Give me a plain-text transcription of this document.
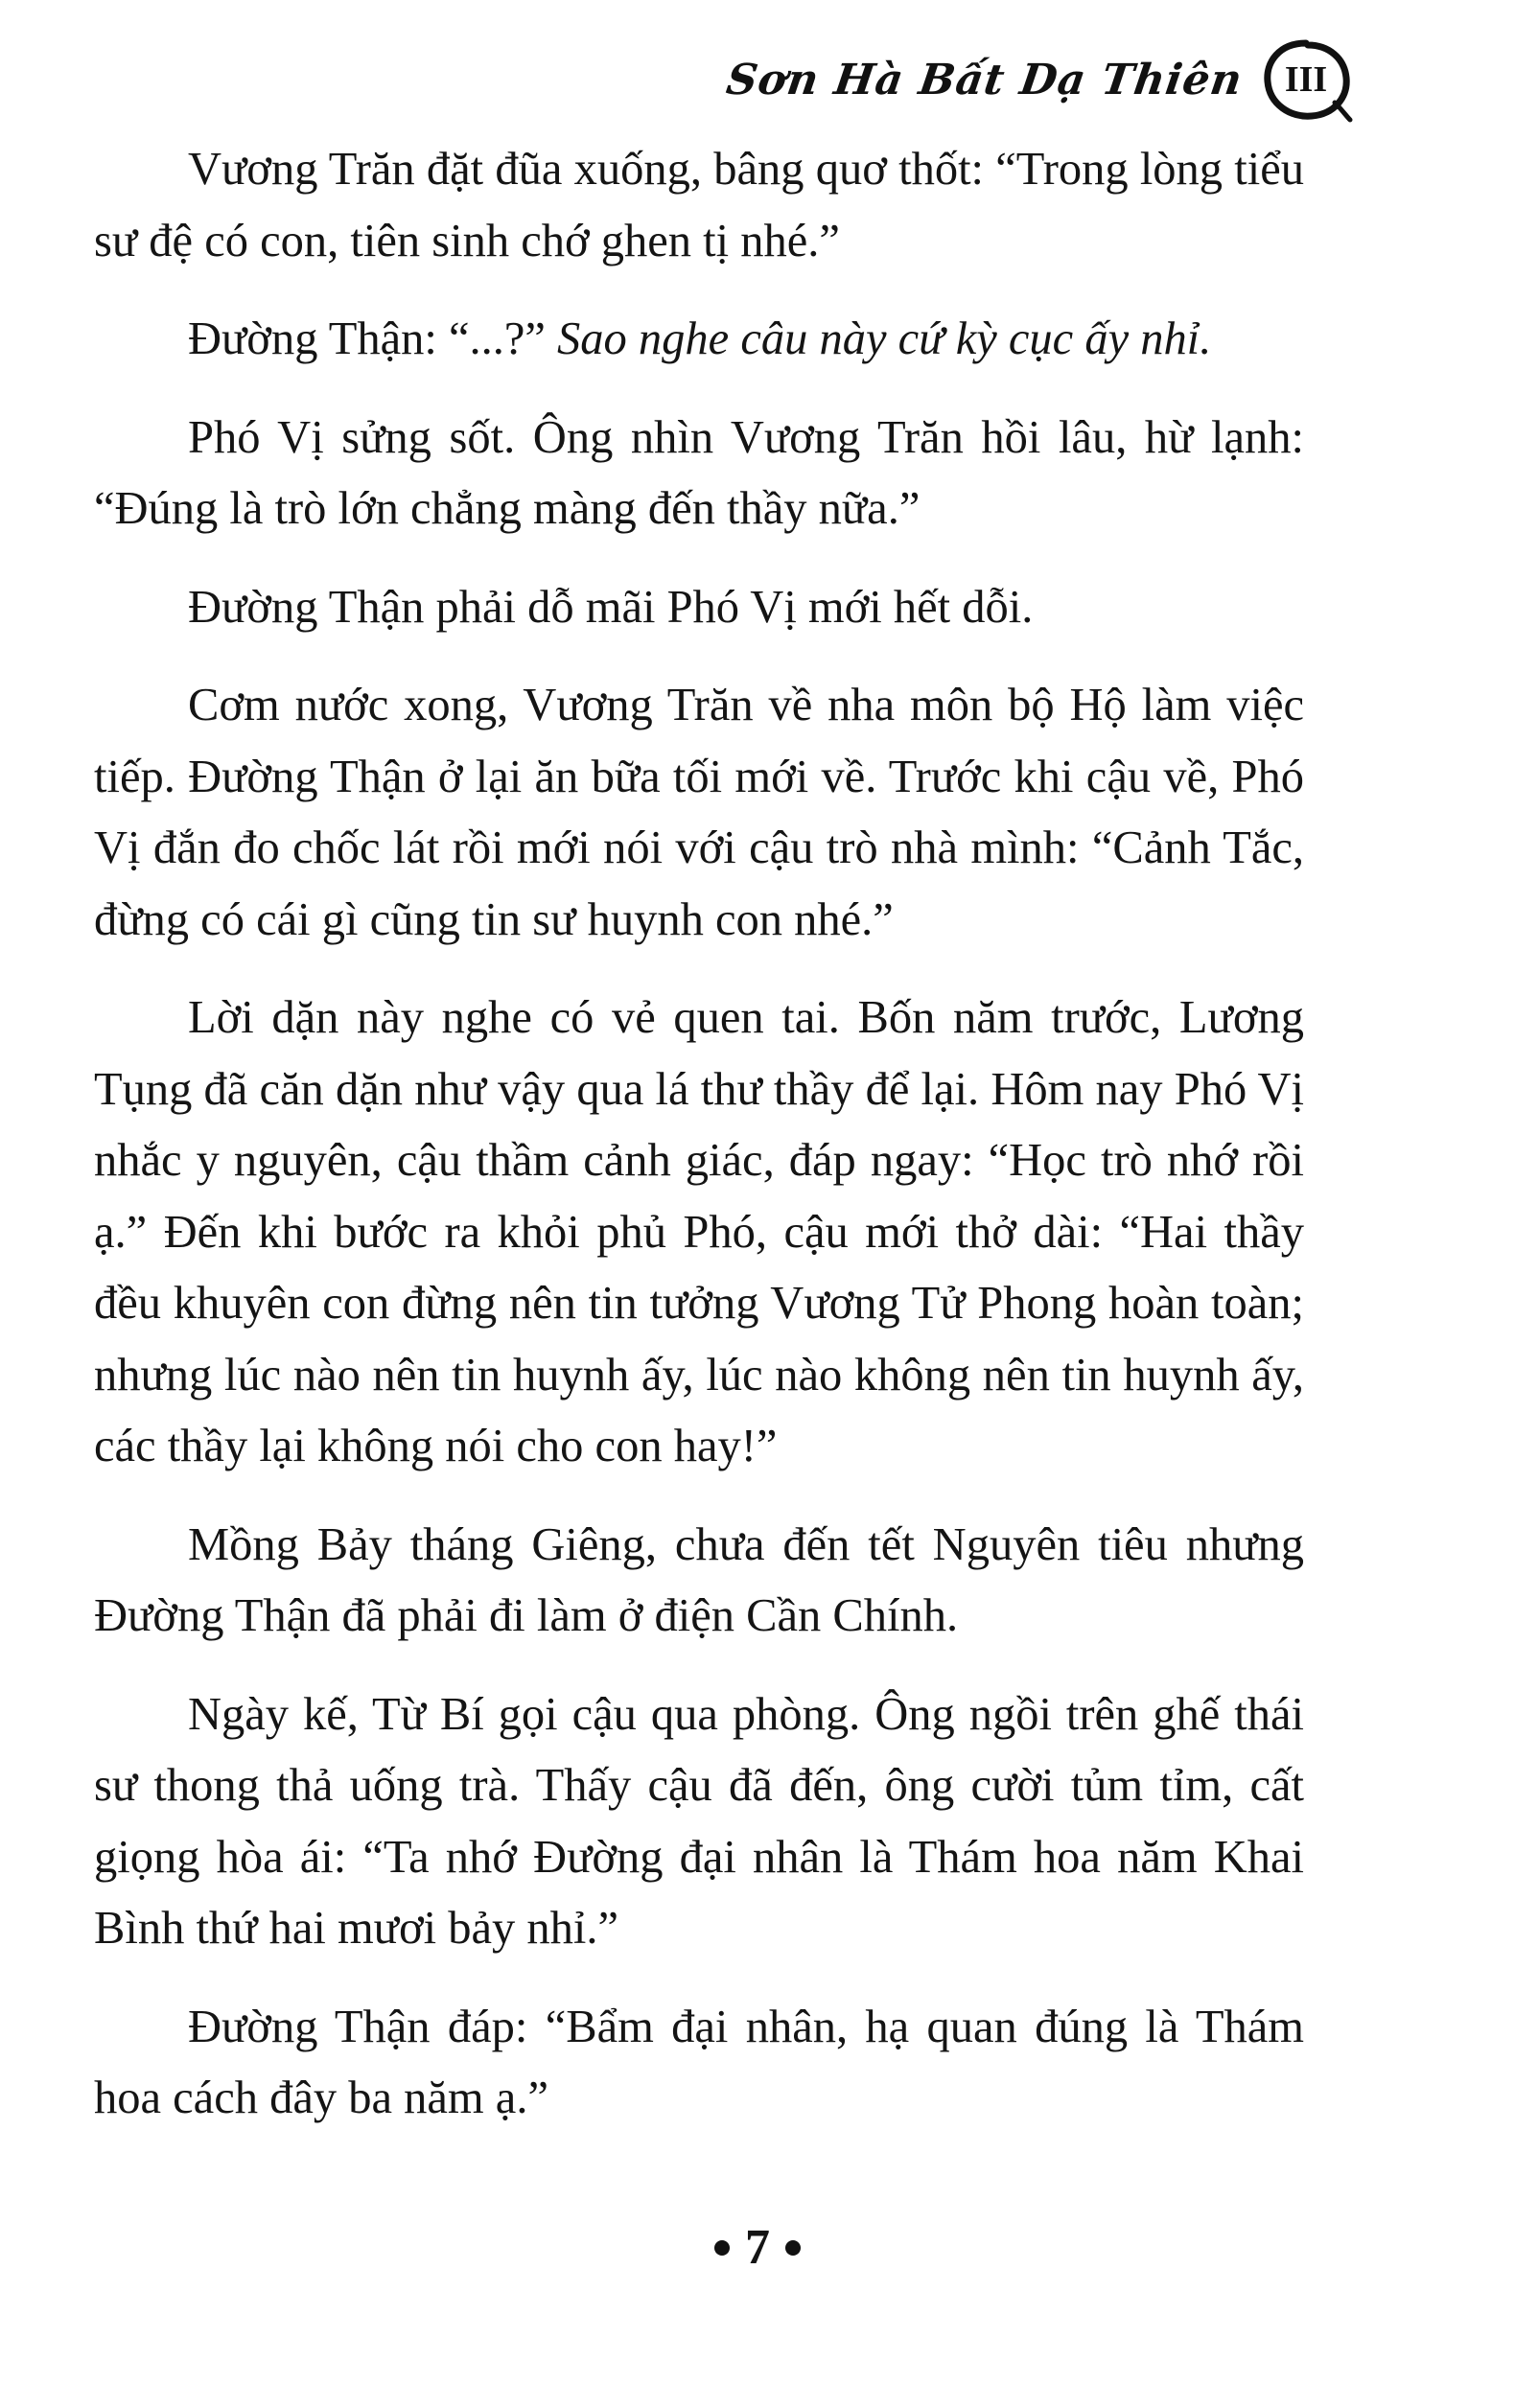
Sơn Hà Bất Dạ Thiên III

Vương Trăn đặt đũa xuống, bâng quơ thốt: “Trong lòng tiểu sư đệ có con, tiên sinh chớ ghen tị nhé.”

Đường Thận: “...?” Sao nghe câu này cứ kỳ cục ấy nhỉ.

Phó Vị sửng sốt. Ông nhìn Vương Trăn hồi lâu, hừ lạnh: “Đúng là trò lớn chẳng màng đến thầy nữa.”

Đường Thận phải dỗ mãi Phó Vị mới hết dỗi.

Cơm nước xong, Vương Trăn về nha môn bộ Hộ làm việc tiếp. Đường Thận ở lại ăn bữa tối mới về. Trước khi cậu về, Phó Vị đắn đo chốc lát rồi mới nói với cậu trò nhà mình: “Cảnh Tắc, đừng có cái gì cũng tin sư huynh con nhé.”

Lời dặn này nghe có vẻ quen tai. Bốn năm trước, Lương Tụng đã căn dặn như vậy qua lá thư thầy để lại. Hôm nay Phó Vị nhắc y nguyên, cậu thầm cảnh giác, đáp ngay: “Học trò nhớ rồi ạ.” Đến khi bước ra khỏi phủ Phó, cậu mới thở dài: “Hai thầy đều khuyên con đừng nên tin tưởng Vương Tử Phong hoàn toàn; nhưng lúc nào nên tin huynh ấy, lúc nào không nên tin huynh ấy, các thầy lại không nói cho con hay!”

Mồng Bảy tháng Giêng, chưa đến tết Nguyên tiêu nhưng Đường Thận đã phải đi làm ở điện Cần Chính.

Ngày kế, Từ Bí gọi cậu qua phòng. Ông ngồi trên ghế thái sư thong thả uống trà. Thấy cậu đã đến, ông cười tủm tỉm, cất giọng hòa ái: “Ta nhớ Đường đại nhân là Thám hoa năm Khai Bình thứ hai mươi bảy nhỉ.”

Đường Thận đáp: “Bẩm đại nhân, hạ quan đúng là Thám hoa cách đây ba năm ạ.”

7
